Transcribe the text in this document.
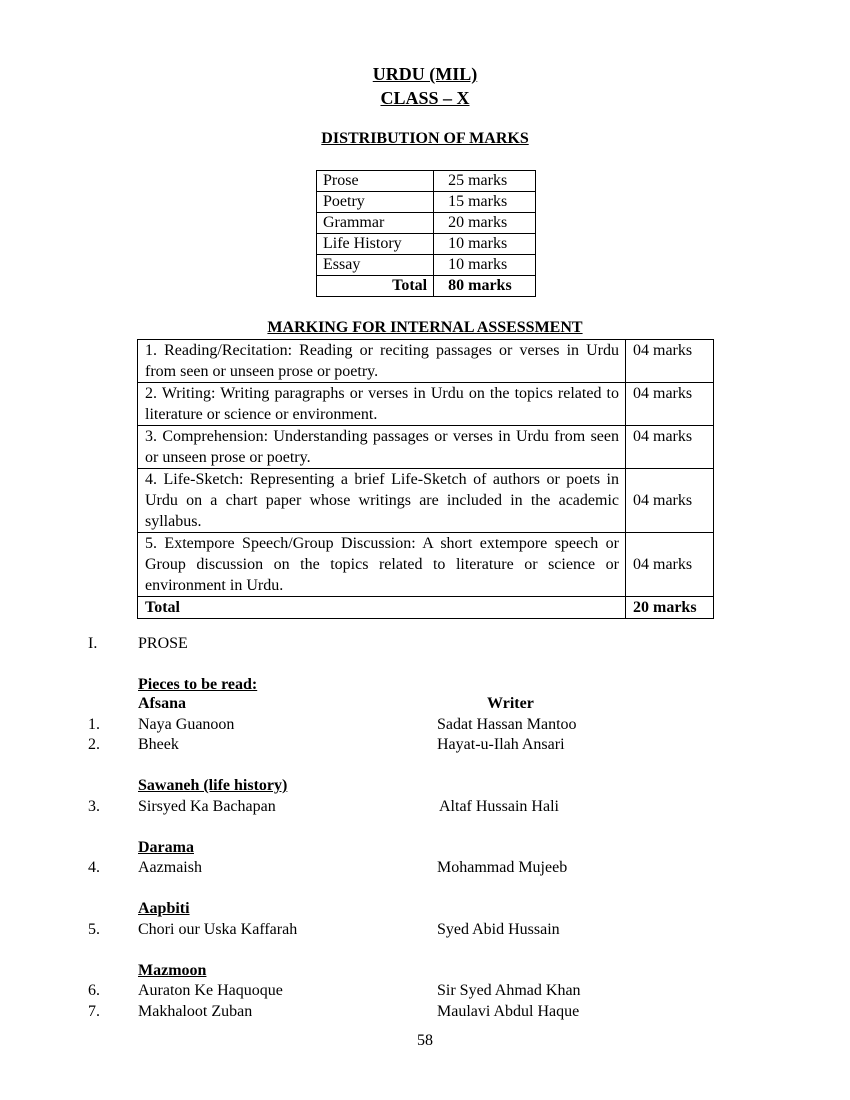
URDU (MIL)
CLASS – X
DISTRIBUTION OF MARKS
Prose	25 marks
Poetry	15 marks
Grammar	20 marks
Life History	10 marks
Essay	10 marks
Total	80 marks
MARKING FOR INTERNAL ASSESSMENT
1. Reading/Recitation: Reading or reciting passages or verses in Urdu from seen or unseen prose or poetry.	04 marks
2. Writing: Writing paragraphs or verses in Urdu on the topics related to literature or science or environment.	04 marks
3. Comprehension: Understanding passages or verses in Urdu from seen or unseen prose or poetry.	04 marks
4. Life-Sketch: Representing a brief Life-Sketch of authors or poets in Urdu on a chart paper whose writings are included in the academic syllabus.	04 marks
5. Extempore Speech/Group Discussion: A short extempore speech or Group discussion on the topics related to literature or science or environment in Urdu.	04 marks
Total	20 marks
I.	PROSE
Pieces to be read:
Afsana	Writer
1. Naya Guanoon	Sadat Hassan Mantoo
2. Bheek	Hayat-u-Ilah Ansari
Sawaneh (life history)
3. Sirsyed Ka Bachapan	Altaf Hussain Hali
Darama
4. Aazmaish	Mohammad Mujeeb
Aapbiti
5. Chori our Uska Kaffarah	Syed Abid Hussain
Mazmoon
6. Auraton Ke Haquoque	Sir Syed Ahmad Khan
7. Makhaloot Zuban	Maulavi Abdul Haque
58
